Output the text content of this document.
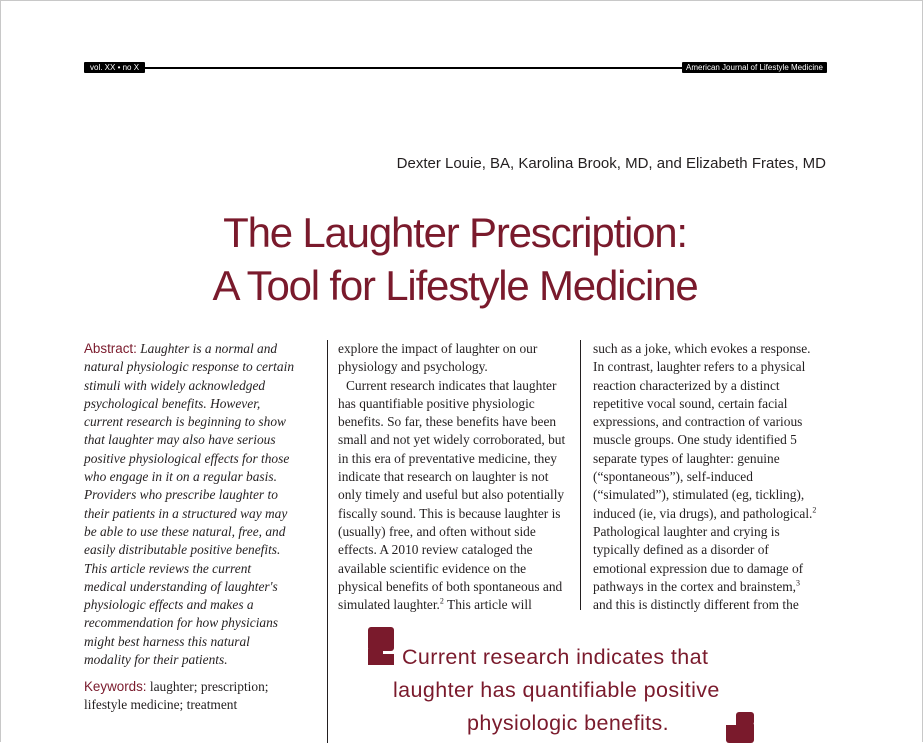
vol. XX • no X	American Journal of Lifestyle Medicine
Dexter Louie, BA, Karolina Brook, MD, and Elizabeth Frates, MD
The Laughter Prescription:
A Tool for Lifestyle Medicine
Abstract: Laughter is a normal and
natural physiologic response to certain
stimuli with widely acknowledged
psychological benefits. However,
current research is beginning to show
that laughter may also have serious
positive physiological effects for those
who engage in it on a regular basis.
Providers who prescribe laughter to
their patients in a structured way may
be able to use these natural, free, and
easily distributable positive benefits.
This article reviews the current
medical understanding of laughter's
physiologic effects and makes a
recommendation for how physicians
might best harness this natural
modality for their patients.
Keywords: laughter; prescription;
lifestyle medicine; treatment
explore the impact of laughter on our
physiology and psychology.
Current research indicates that laughter
has quantifiable positive physiologic
benefits. So far, these benefits have been
small and not yet widely corroborated, but
in this era of preventative medicine, they
indicate that research on laughter is not
only timely and useful but also potentially
fiscally sound. This is because laughter is
(usually) free, and often without side
effects. A 2010 review cataloged the
available scientific evidence on the
physical benefits of both spontaneous and
simulated laughter.$^2$ This article will
such as a joke, which evokes a response.
In contrast, laughter refers to a physical
reaction characterized by a distinct
repetitive vocal sound, certain facial
expressions, and contraction of various
muscle groups. One study identified 5
separate types of laughter: genuine
(“spontaneous”), self-induced
(“simulated”), stimulated (eg, tickling),
induced (ie, via drugs), and pathological.$^2$
Pathological laughter and crying is
typically defined as a disorder of
emotional expression due to damage of
pathways in the cortex and brainstem,$^3$
and this is distinctly different from the
Current research indicates that
laughter has quantifiable positive
physiologic benefits.
